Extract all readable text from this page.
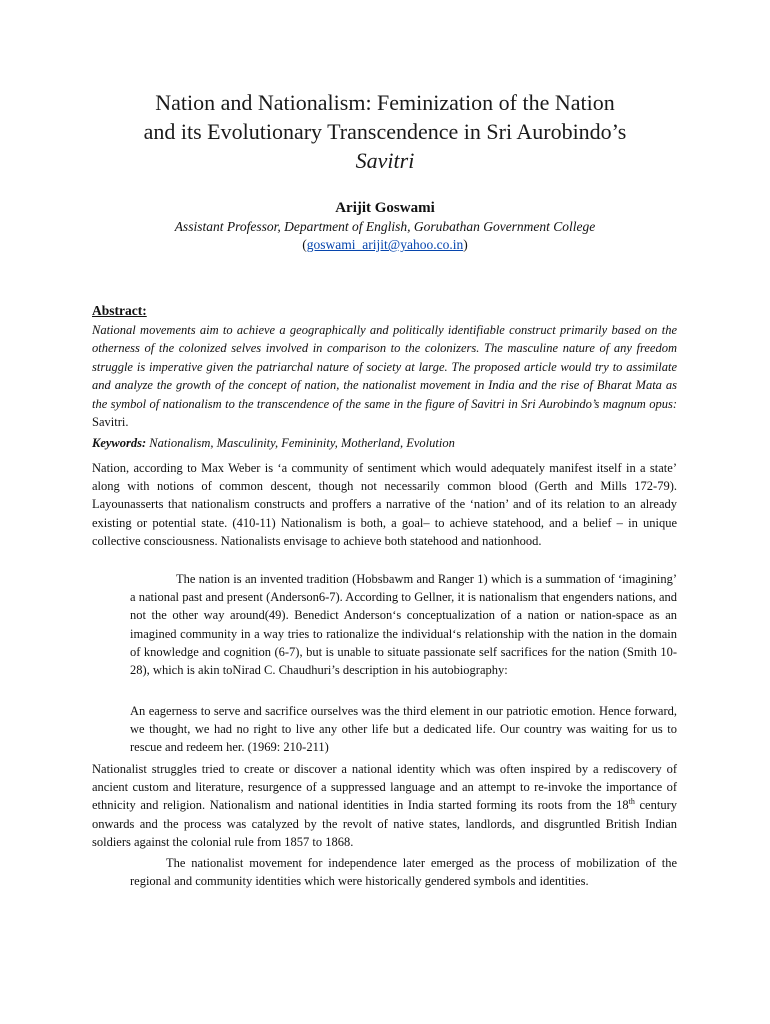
Nation and Nationalism: Feminization of the Nation
and its Evolutionary Transcendence in Sri Aurobindo’s
Savitri
Arijit Goswami
Assistant Professor, Department of English, Gorubathan Government College
(goswami_arijit@yahoo.co.in)
Abstract:
National movements aim to achieve a geographically and politically identifiable construct primarily based on the otherness of the colonized selves involved in comparison to the colonizers. The masculine nature of any freedom struggle is imperative given the patriarchal nature of society at large. The proposed article would try to assimilate and analyze the growth of the concept of nation, the nationalist movement in India and the rise of Bharat Mata as the symbol of nationalism to the transcendence of the same in the figure of Savitri in Sri Aurobindo’s magnum opus: Savitri.
Keywords: Nationalism, Masculinity, Femininity, Motherland, Evolution
Nation, according to Max Weber is ‘a community of sentiment which would adequately manifest itself in a state’ along with notions of common descent, though not necessarily common blood (Gerth and Mills 172-79). Layounasserts that nationalism constructs and proffers a narrative of the ‘nation’ and of its relation to an already existing or potential state. (410-11) Nationalism is both, a goal– to achieve statehood, and a belief – in unique collective consciousness. Nationalists envisage to achieve both statehood and nationhood.
The nation is an invented tradition (Hobsbawm and Ranger 1) which is a summation of ‘imagining’ a national past and present (Anderson6-7). According to Gellner, it is nationalism that engenders nations, and not the other way around(49). Benedict Anderson‘s conceptualization of a nation or nation-space as an imagined community in a way tries to rationalize the individual‘s relationship with the nation in the domain of knowledge and cognition (6-7), but is unable to situate passionate self sacrifices for the nation (Smith 10-28), which is akin toNirad C. Chaudhuri’s description in his autobiography:
An eagerness to serve and sacrifice ourselves was the third element in our patriotic emotion. Hence forward, we thought, we had no right to live any other life but a dedicated life. Our country was waiting for us to rescue and redeem her. (1969: 210-211)
Nationalist struggles tried to create or discover a national identity which was often inspired by a rediscovery of ancient custom and literature, resurgence of a suppressed language and an attempt to re-invoke the importance of ethnicity and religion. Nationalism and national identities in India started forming its roots from the 18th century onwards and the process was catalyzed by the revolt of native states, landlords, and disgruntled British Indian soldiers against the colonial rule from 1857 to 1868.
The nationalist movement for independence later emerged as the process of mobilization of the regional and community identities which were historically gendered symbols and identities.
